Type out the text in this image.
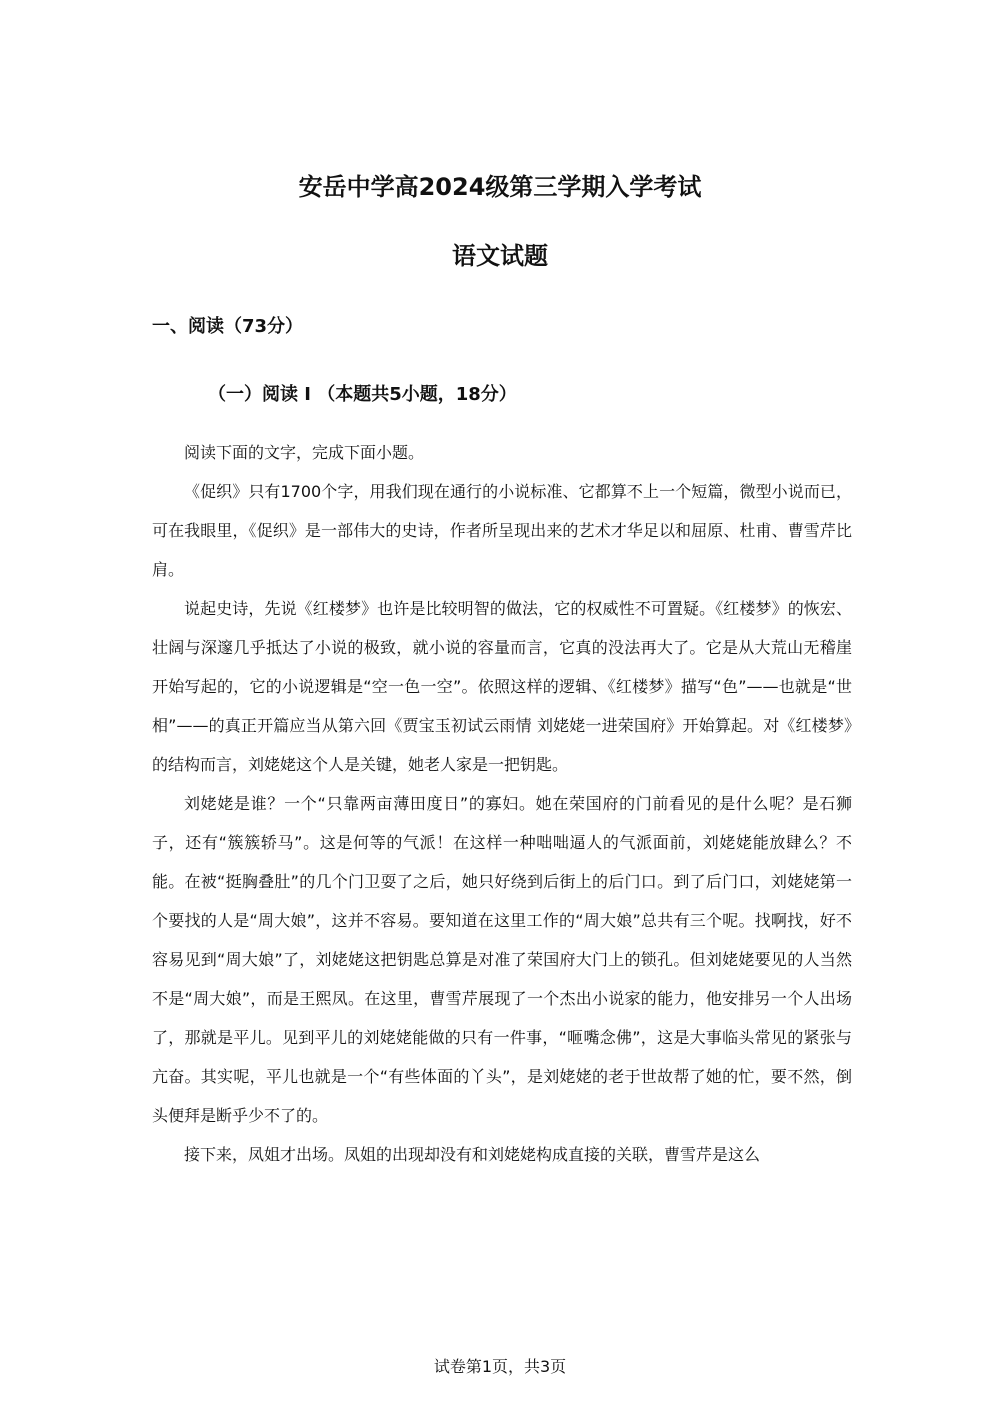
安岳中学高2024级第三学期入学考试
语文试题
一、阅读（73分）
（一）阅读 I （本题共5小题，18分）

阅读下面的文字，完成下面小题。

《促织》只有1700个字，用我们现在通行的小说标准、它都算不上一个短篇，微型小说而已，可在我眼里，《促织》是一部伟大的史诗，作者所呈现出来的艺术才华足以和屈原、杜甫、曹雪芹比肩。

说起史诗，先说《红楼梦》也许是比较明智的做法，它的权威性不可置疑。《红楼梦》的恢宏、壮阔与深邃几乎抵达了小说的极致，就小说的容量而言，它真的没法再大了。它是从大荒山无稽崖开始写起的，它的小说逻辑是“空一色一空”。依照这样的逻辑、《红楼梦》描写“色”——也就是“世相”——的真正开篇应当从第六回《贾宝玉初试云雨情 刘姥姥一进荣国府》开始算起。对《红楼梦》的结构而言，刘姥姥这个人是关键，她老人家是一把钥匙。

刘姥姥是谁？一个“只靠两亩薄田度日”的寡妇。她在荣国府的门前看见的是什么呢？是石狮子，还有“簇簇轿马”。这是何等的气派！在这样一种咄咄逼人的气派面前，刘姥姥能放肆么？不能。在被“挺胸叠肚”的几个门卫耍了之后，她只好绕到后街上的后门口。到了后门口，刘姥姥第一个要找的人是“周大娘”，这并不容易。要知道在这里工作的“周大娘”总共有三个呢。找啊找，好不容易见到“周大娘”了，刘姥姥这把钥匙总算是对准了荣国府大门上的锁孔。但刘姥姥要见的人当然不是“周大娘”，而是王熙凤。在这里，曹雪芹展现了一个杰出小说家的能力，他安排另一个人出场了，那就是平儿。见到平儿的刘姥姥能做的只有一件事，“咂嘴念佛”，这是大事临头常见的紧张与亢奋。其实呢，平儿也就是一个“有些体面的丫头”，是刘姥姥的老于世故帮了她的忙，要不然，倒头便拜是断乎少不了的。

接下来，凤姐才出场。凤姐的出现却没有和刘姥姥构成直接的关联，曹雪芹是这么

试卷第1页，共3页
